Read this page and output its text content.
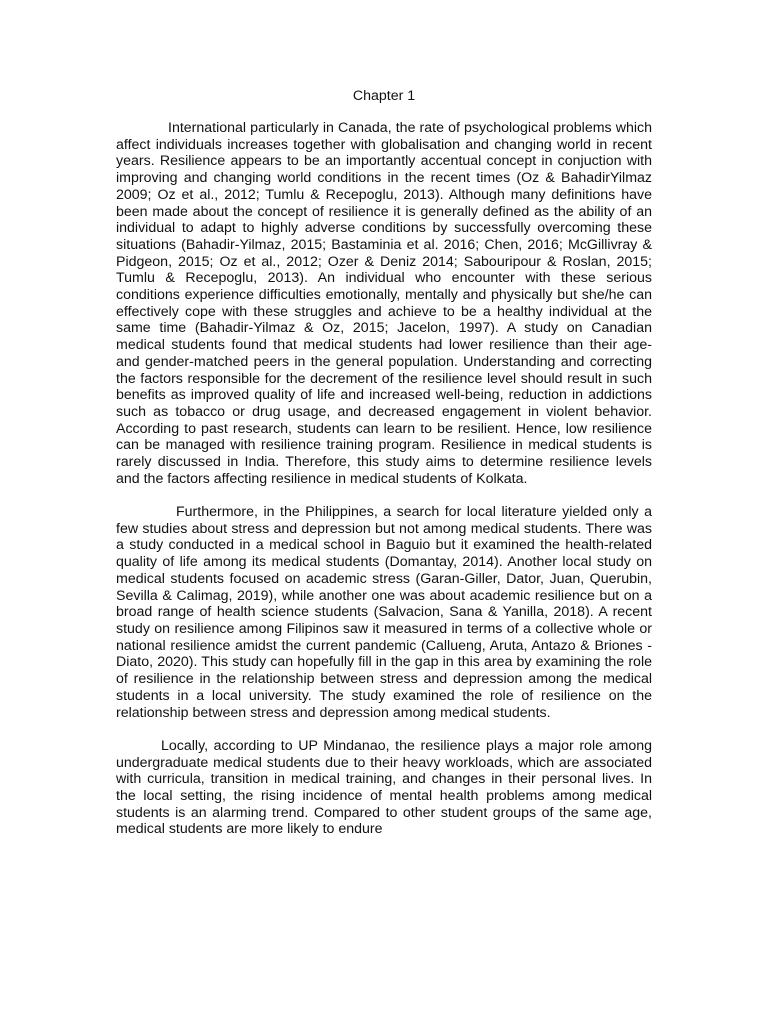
Chapter 1

International particularly in Canada, the rate of psychological problems which affect individuals increases together with globalisation and changing world in recent years. Resilience appears to be an importantly accentual concept in conjuction with improving and changing world conditions in the recent times (Oz & BahadirYilmaz 2009; Oz et al., 2012; Tumlu & Recepoglu, 2013). Although many definitions have been made about the concept of resilience it is generally defined as the ability of an individual to adapt to highly adverse conditions by successfully overcoming these situations (Bahadir-Yilmaz, 2015; Bastaminia et al. 2016; Chen, 2016; McGillivray & Pidgeon, 2015; Oz et al., 2012; Ozer & Deniz 2014; Sabouripour & Roslan, 2015; Tumlu & Recepoglu, 2013). An individual who encounter with these serious conditions experience difficulties emotionally, mentally and physically but she/he can effectively cope with these struggles and achieve to be a healthy individual at the same time (Bahadir-Yilmaz & Oz, 2015; Jacelon, 1997). A study on Canadian medical students found that medical students had lower resilience than their age- and gender-matched peers in the general population. Understanding and correcting the factors responsible for the decrement of the resilience level should result in such benefits as improved quality of life and increased well-being, reduction in addictions such as tobacco or drug usage, and decreased engagement in violent behavior. According to past research, students can learn to be resilient. Hence, low resilience can be managed with resilience training program. Resilience in medical students is rarely discussed in India. Therefore, this study aims to determine resilience levels and the factors affecting resilience in medical students of Kolkata.

Furthermore, in the Philippines, a search for local literature yielded only a few studies about stress and depression but not among medical students. There was a study conducted in a medical school in Baguio but it examined the health-related quality of life among its medical students (Domantay, 2014). Another local study on medical students focused on academic stress (Garan-Giller, Dator, Juan, Querubin, Sevilla & Calimag, 2019), while another one was about academic resilience but on a broad range of health science students (Salvacion, Sana & Yanilla, 2018). A recent study on resilience among Filipinos saw it measured in terms of a collective whole or national resilience amidst the current pandemic (Callueng, Aruta, Antazo & Briones - Diato, 2020). This study can hopefully fill in the gap in this area by examining the role of resilience in the relationship between stress and depression among the medical students in a local university. The study examined the role of resilience on the relationship between stress and depression among medical students.

Locally, according to UP Mindanao, the resilience plays a major role among undergraduate medical students due to their heavy workloads, which are associated with curricula, transition in medical training, and changes in their personal lives. In the local setting, the rising incidence of mental health problems among medical students is an alarming trend. Compared to other student groups of the same age, medical students are more likely to endure
